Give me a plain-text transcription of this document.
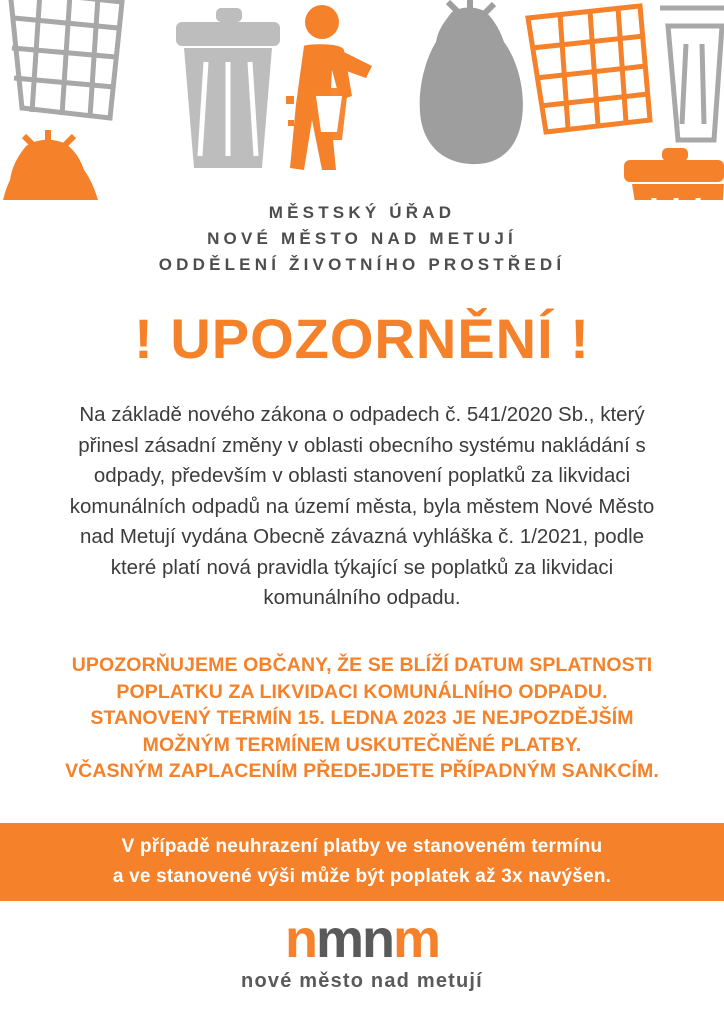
MĚSTSKÝ ÚŘAD
NOVÉ MĚSTO NAD METUJÍ
ODDĚLENÍ ŽIVOTNÍHO PROSTŘEDÍ
! UPOZORNĚNÍ !
Na základě nového zákona o odpadech č. 541/2020 Sb., který přinesl zásadní změny v oblasti obecního systému nakládání s odpady, především v oblasti stanovení poplatků za likvidaci komunálních odpadů na území města, byla městem Nové Město nad Metují vydána Obecně závazná vyhláška č. 1/2021, podle které platí nová pravidla týkající se poplatků za likvidaci komunálního odpadu.
UPOZORŇUJEME OBČANY, ŽE SE BLÍŽÍ DATUM SPLATNOSTI
POPLATKU ZA LIKVIDACI KOMUNÁLNÍHO ODPADU.
STANOVENÝ TERMÍN 15. LEDNA 2023 JE NEJPOZDĚJŠÍM
MOŽNÝM TERMÍNEM USKUTEČNĚNÉ PLATBY.
VČASNÝM ZAPLACENÍM PŘEDEJDETE PŘÍPADNÝM SANKCÍM.
V případě neuhrazení platby ve stanoveném termínu
a ve stanovené výši může být poplatek až 3x navýšen.
nmnm
nové město nad metují
